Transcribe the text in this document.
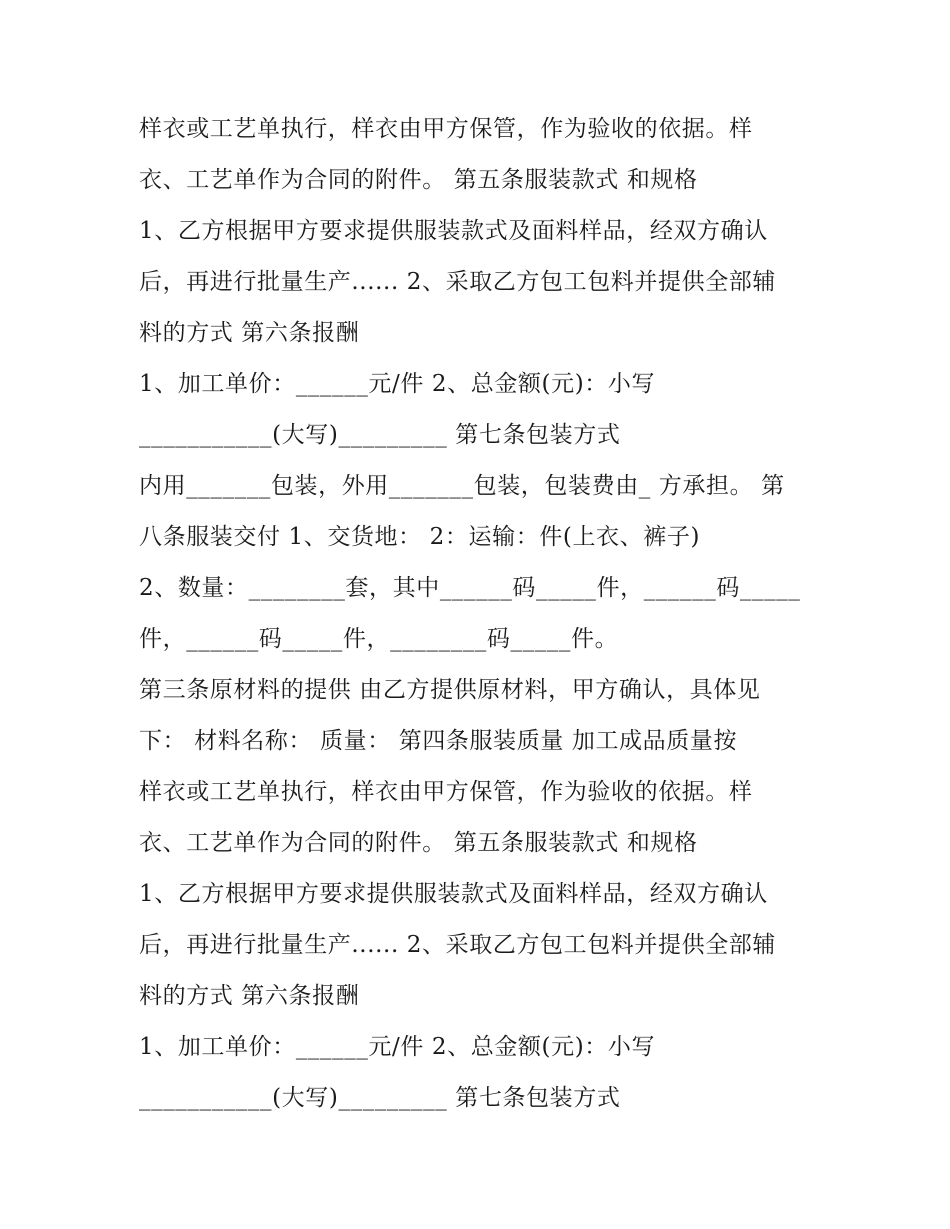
样衣或工艺单执行，样衣由甲方保管，作为验收的依据。样
衣、工艺单作为合同的附件。 第五条服装款式 和规格
1、乙方根据甲方要求提供服装款式及面料样品，经双方确认
后，再进行批量生产...... 2、采取乙方包工包料并提供全部辅
料的方式 第六条报酬
1、加工单价：______元/件 2、总金额(元)：小写
___________(大写)_________ 第七条包装方式
内用_______包装，外用_______包装，包装费由_ 方承担。 第
八条服装交付 1、交货地： 2：运输：件(上衣、裤子)
2、数量：________套，其中______码_____件，______码_____
件，______码_____件，________码_____件。
第三条原材料的提供 由乙方提供原材料，甲方确认，具体见
下： 材料名称： 质量： 第四条服装质量 加工成品质量按
样衣或工艺单执行，样衣由甲方保管，作为验收的依据。样
衣、工艺单作为合同的附件。 第五条服装款式 和规格
1、乙方根据甲方要求提供服装款式及面料样品，经双方确认
后，再进行批量生产...... 2、采取乙方包工包料并提供全部辅
料的方式 第六条报酬
1、加工单价：______元/件 2、总金额(元)：小写
___________(大写)_________ 第七条包装方式
